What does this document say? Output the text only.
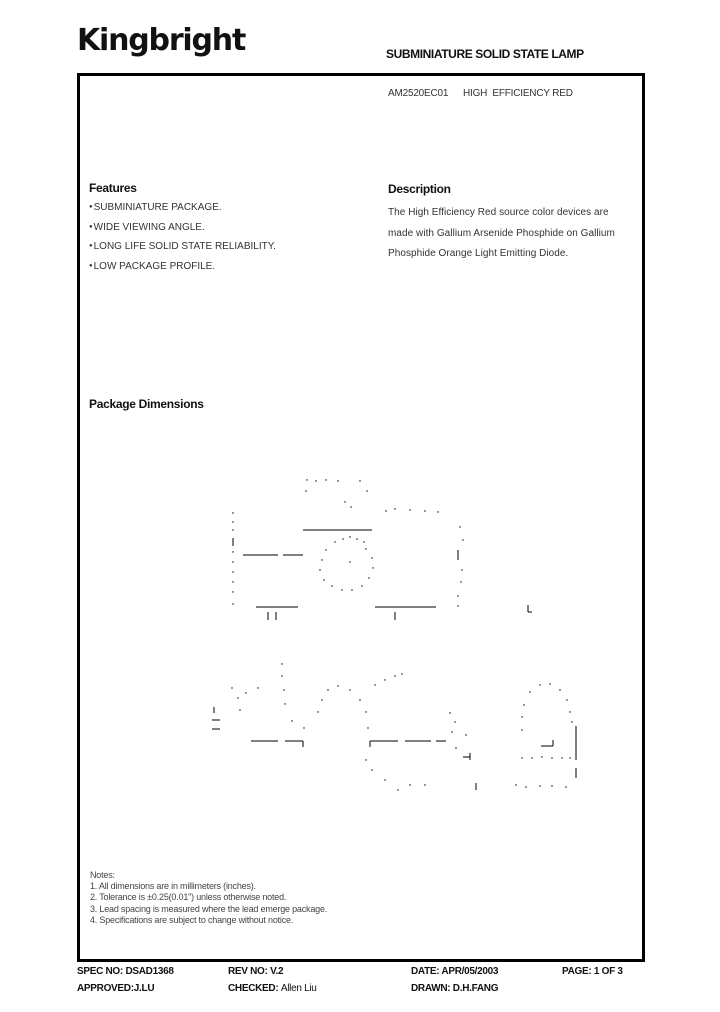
Kingbright	SUBMINIATURE SOLID STATE LAMP
AM2520EC01 HIGH  EFFICIENCY RED
Features
● SUBMINIATURE PACKAGE.
● WIDE VIEWING ANGLE.
● LONG LIFE SOLID STATE RELIABILITY.
● LOW PACKAGE PROFILE.
Description
The High Efficiency Red source color devices are made with Gallium Arsenide Phosphide on Gallium Phosphide Orange Light Emitting Diode.
Package Dimensions
Notes:
1. All dimensions are in millimeters (inches).
2. Tolerance is ±0.25(0.01") unless otherwise noted.
3. Lead spacing is measured where the lead emerge package.
4. Specifications are subject to change without notice.
SPEC NO: DSAD1368	REV NO: V.2	DATE: APR/05/2003	PAGE: 1 OF 3
APPROVED:J.LU	CHECKED: Allen Liu	DRAWN: D.H.FANG
